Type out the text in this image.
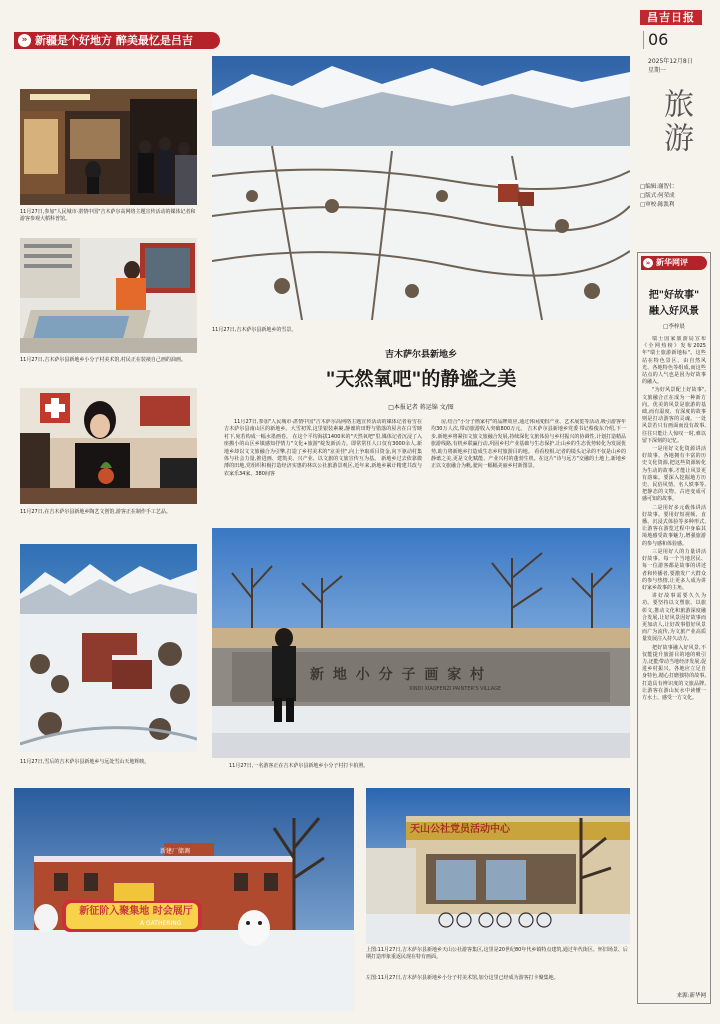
» 新疆是个好地方 醉美最忆是吕吉
昌吉日报
06
2025年12月8日
星期一
旅游
□编辑:谢智仁
□版式:何荣成
□审校:陈凯利
11月27日,参加"人民城市·湛情中国"吉木萨尔高网络主题宣传活动的媒体记者和游客参观大稻科普馆。
11月27日,吉木萨尔县新地乡小分子村美术馆,村民正在装裱自己画的油画。
11月27日,在吉木萨尔县新地乡陶艺文创馆,游客正在制作手工艺品。
11月27日,雪后的吉木萨尔县新地乡与远处雪山天地辉映。
11月27日,吉木萨尔县新地乡的雪景。
吉木萨尔县新地乡
"天然氧吧"的静谧之美
□本报记者 蒋运锦 文/图

11月27日,参加"人民城市·湛情中国"吉木萨尔高网络主题宣传活动的媒体记者看雪在吉木萨尔县南山区的新地乡。大雪初霁,这里银装素裹,静谧的田野与错落的屋舍在白雪映衬下,宛若构成一幅水墨画卷。 在这个平均海拔1400米的"天然氧吧"里,媒体记者沉浸了入座搬小的山区乡镇感知抒情力"文化+旅游"绽发新活力。即常常任人口仅有3000余人,新地乡却以文文旅融合为引擎,打造了乡村美术的"京美佳",向上争取项目资金,向下驱动村集体与社会力量,推进画、建筑美、兴产业、以文旅的文旅宣传互为基。 新地乡过去依靠微薄的田地,党组织积极打造经济实惠的林以公社旅游景观区,近年来,新地乡累计精建共改与农家乐34家、380间客

房,结合"小分子画家村"的品牌效应,通过休闲度假产业、艺术展览等活动,吸引游客年均30万人次,带动旅游收入突破800万元。 吉木萨尔县新地乡党委书记蔡俊东介绍,下一步,新地乡将紧扣文旅文旅融合发展,持续深化文旅体验与乡村振兴的协调性,计划打造精品旅游线路,有机乡联赢行动,巩固乡村产业基础与生态保护,让山乡的生态优势转化为发展优势,助力将新地乡打造成生态乡村旅游目的地。 看看校相,记者的镜头记录的不仅是山乡的静谧之美,更是文化赋能、产业兴村的蓬勃生机。在这片"诗与远方"交融的土地上,新地乡正以文旅融合为帆,驶向一幅幅美丽乡村新图景。

新 地 小 分 子 画 家 村
XINDI XIAOFENZI PAINTER'S VILLAGE
11月27日,一名游客正在吉木萨尔县新地乡小分子村打卡拍照。
新建厂储调
新征阶入聚集地 时会展厅
A GATHERING
天山公社党员活动中心
上图:11月27日,吉木萨尔县新地乡天山公社游客集区,这里是20世纪80年代乡镇特点建筑,通过年代街区、怀旧场景、后期打造形象重返民现在特有画面。
左图:11月27日,吉木萨尔县新地乡小分子村美术馆,加分这里已经成为游客打卡聚集地。
» 新华网评
把"好故事"
融入好风景
□李梓晨

瑞士国家旅游局宣布《全网热榜》发布2025年"瑞士旅游新地标"。这些站在特色景区、由自然风光、各地特色等组成,而这些站点的人气也是因为好故事的融入。

"为好风景配上好故事",文旅融合正在成为一种新方向。优美的风景是旅游的基础,而有温度、有深度的故事则是打动游客的灵魂。一处风景若只有画面而没有故事,往往只能让人惊叹一时,难以留下深刻的记忆。

一是用好文化资源讲活好故事。各地拥有丰富的历史文化资源,把这些资源转化为生动的故事,才能让风景更有韵味。要深入挖掘地方历史、民俗风情、名人轶事等,把静态的文物、古迹变成可感可知的故事。

二是用好多元载体讲活好故事。要用好短视频、直播、沉浸式体验等多种形式,让游客在游览过程中身临其境地感受故事魅力,增强旅游的参与感和体验感。

三是用好人的力量讲活好故事。每一个当地居民、每一位游客都是故事的讲述者和传播者,要激发广大群众的参与热情,让更多人成为讲好家乡故事的主角。

讲好故事需要久久为功。要坚持以文塑旅、以旅彰文,推动文化和旅游深度融合发展,让好风景因好故事而更加动人,让好故事借好风景而广为流传,为文旅产业高质量发展注入持久动力。

把好故事融入好风景,不仅能提升旅游目的地的吸引力,还能带动当地经济发展,促进乡村振兴。各地应立足自身特色,精心打磨独特的故事,打造具有辨识度的文旅品牌,让游客在游山玩水中读懂一方水土、感受一方文化。

来源:新华网
